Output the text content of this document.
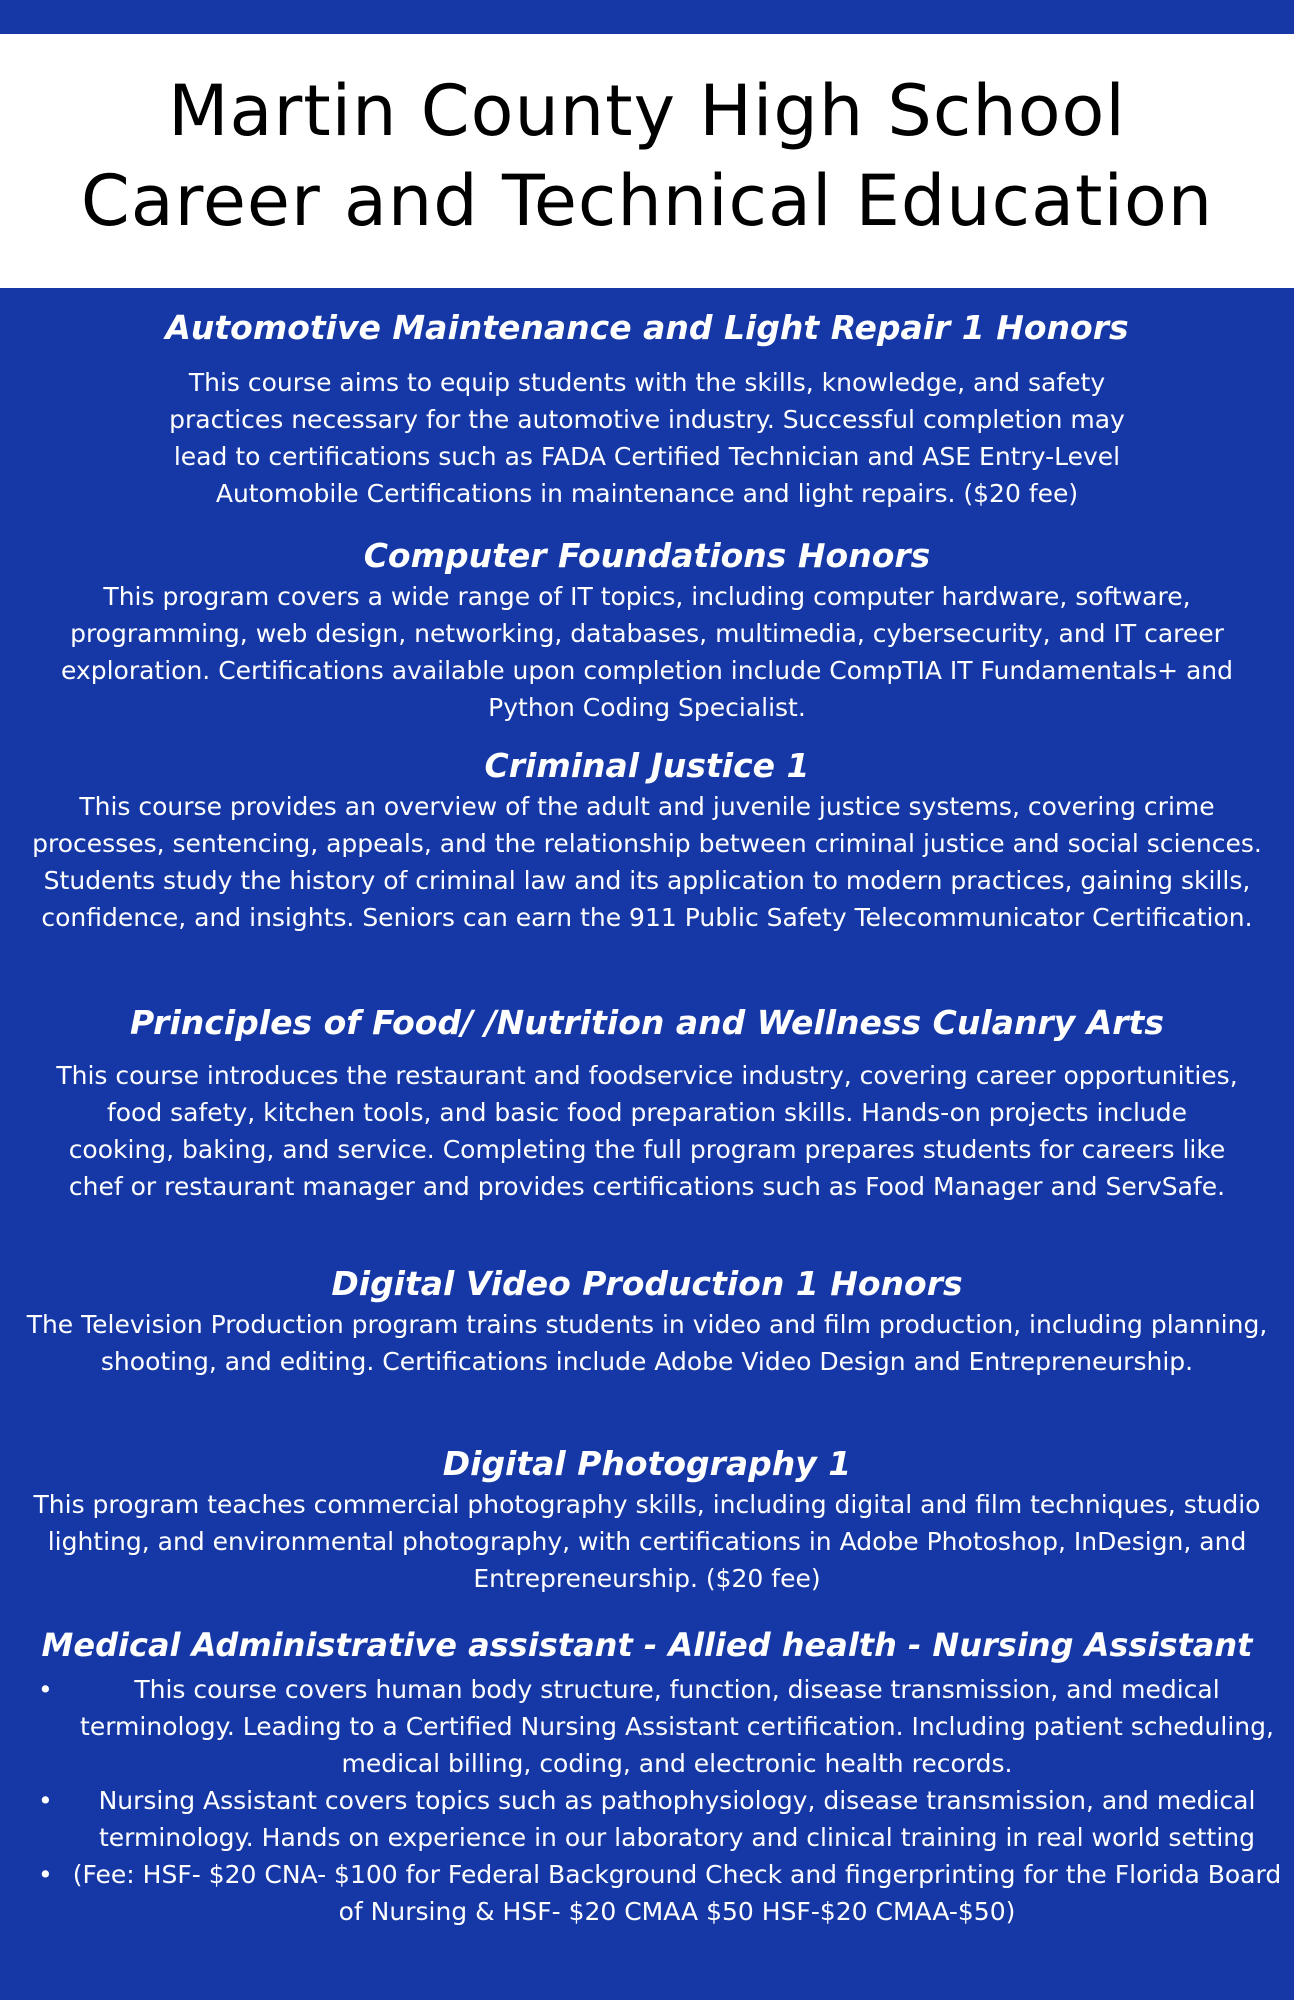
Martin County High School
Career and Technical Education
Automotive Maintenance and Light Repair 1 Honors
This course aims to equip students with the skills, knowledge, and safety practices necessary for the automotive industry. Successful completion may lead to certifications such as FADA Certified Technician and ASE Entry-Level Automobile Certifications in maintenance and light repairs. ($20 fee)
Computer Foundations Honors
This program covers a wide range of IT topics, including computer hardware, software, programming, web design, networking, databases, multimedia, cybersecurity, and IT career exploration. Certifications available upon completion include CompTIA IT Fundamentals+ and Python Coding Specialist.
Criminal Justice 1
This course provides an overview of the adult and juvenile justice systems, covering crime processes, sentencing, appeals, and the relationship between criminal justice and social sciences. Students study the history of criminal law and its application to modern practices, gaining skills, confidence, and insights. Seniors can earn the 911 Public Safety Telecommunicator Certification.
Principles of Food/ /Nutrition and Wellness Culanry Arts
This course introduces the restaurant and foodservice industry, covering career opportunities, food safety, kitchen tools, and basic food preparation skills. Hands-on projects include cooking, baking, and service. Completing the full program prepares students for careers like chef or restaurant manager and provides certifications such as Food Manager and ServSafe.
Digital Video Production 1 Honors
The Television Production program trains students in video and film production, including planning, shooting, and editing. Certifications include Adobe Video Design and Entrepreneurship.
Digital Photography 1
This program teaches commercial photography skills, including digital and film techniques, studio lighting, and environmental photography, with certifications in Adobe Photoshop, InDesign, and Entrepreneurship. ($20 fee)
Medical Administrative assistant - Allied health - Nursing Assistant
•	This course covers human body structure, function, disease transmission, and medical terminology. Leading to a Certified Nursing Assistant certification. Including patient scheduling, medical billing, coding, and electronic health records.
• Nursing Assistant covers topics such as pathophysiology, disease transmission, and medical terminology. Hands on experience in our laboratory and clinical training in real world setting
• (Fee: HSF- $20 CNA- $100 for Federal Background Check and fingerprinting for the Florida Board of Nursing & HSF- $20 CMAA $50 HSF-$20 CMAA-$50)
